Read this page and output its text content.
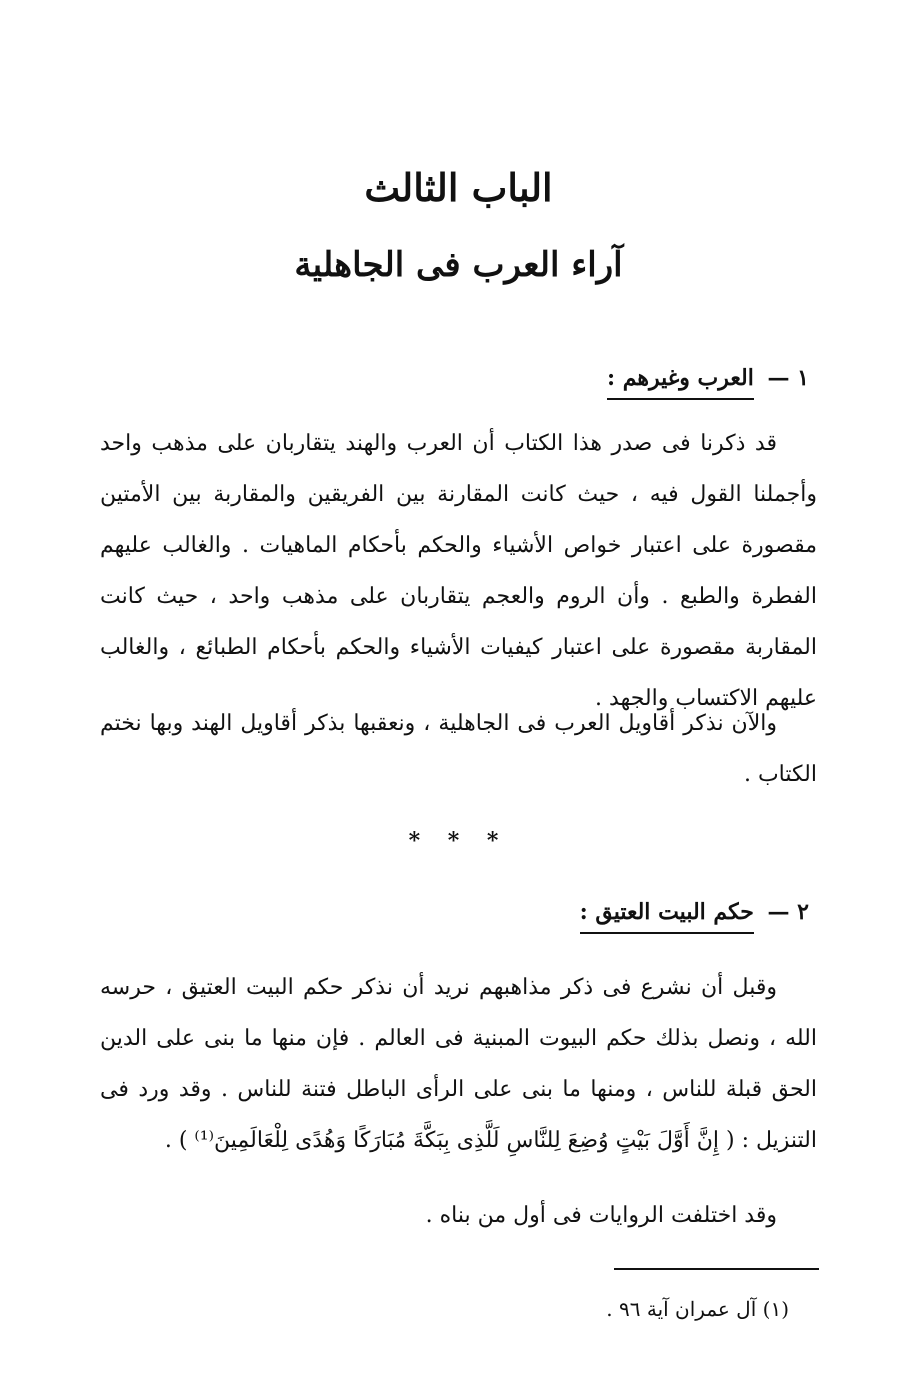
الباب الثالث
آراء العرب فى الجاهلية
١ — العرب وغيرهم :

قد ذكرنا فى صدر هذا الكتاب أن العرب والهند يتقاربان على مذهب واحد وأجملنا القول فيه ، حيث كانت المقارنة بين الفريقين والمقاربة بين الأمتين مقصورة على اعتبار خواص الأشياء والحكم بأحكام الماهيات . والغالب عليهم الفطرة والطبع . وأن الروم والعجم يتقاربان على مذهب واحد ، حيث كانت المقاربة مقصورة على اعتبار كيفيات الأشياء والحكم بأحكام الطبائع ، والغالب عليهم الاكتساب والجهد .

والآن نذكر أقاويل العرب فى الجاهلية ، ونعقبها بذكر أقاويل الهند وبها نختم الكتاب .

* * *
٢ — حكم البيت العتيق :

وقبل أن نشرع فى ذكر مذاهبهم نريد أن نذكر حكم البيت العتيق ، حرسه الله ، ونصل بذلك حكم البيوت المبنية فى العالم . فإن منها ما بنى على الدين الحق قبلة للناس ، ومنها ما بنى على الرأى الباطل فتنة للناس . وقد ورد فى التنزيل : ( إِنَّ أَوَّلَ بَيْتٍ وُضِعَ لِلنَّاسِ لَلَّذِى بِبَكَّةَ مُبَارَكًا وَهُدًى لِلْعَالَمِينَ⁽¹⁾ ) .

وقد اختلفت الروايات فى أول من بناه .

(١) آل عمران آية ٩٦ .
